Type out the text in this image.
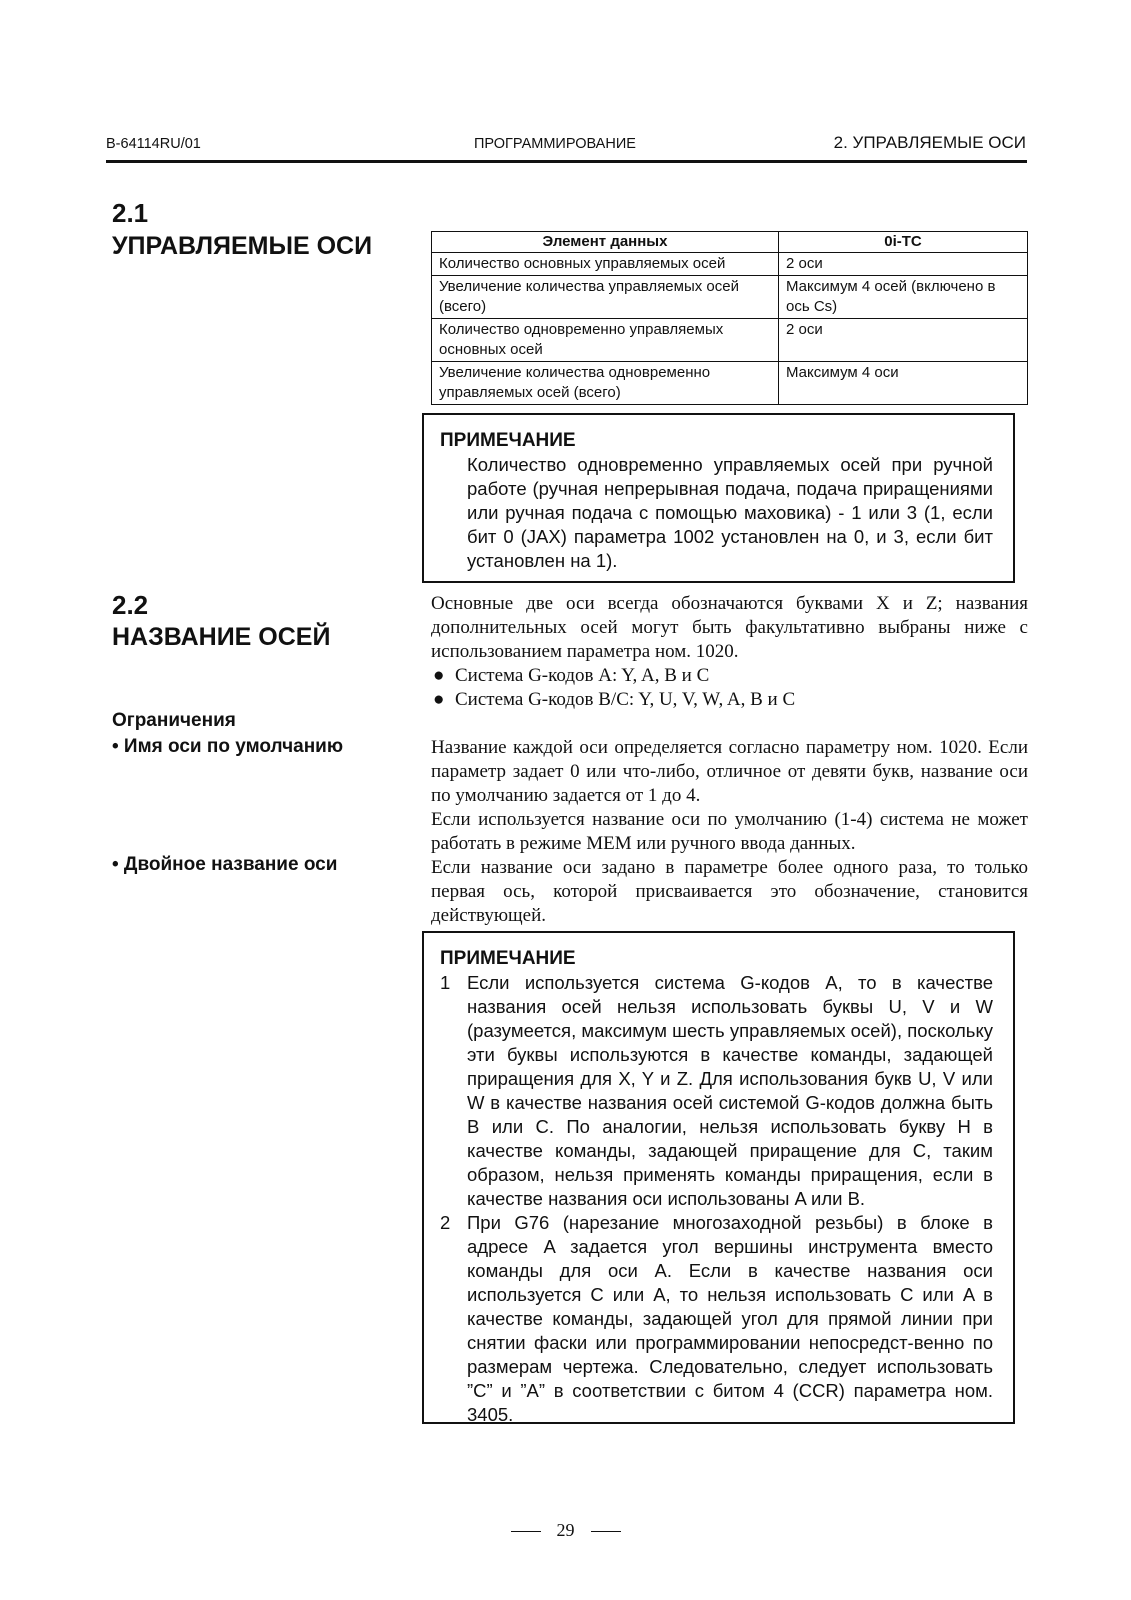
B-64114RU/01	ПРОГРАММИРОВАНИЕ	2. УПРАВЛЯЕМЫЕ ОСИ
2.1
УПРАВЛЯЕМЫЕ ОСИ	Элемент данных	0i-TC
Количество основных управляемых осей	2 оси
Увеличение количества управляемых осей (всего)	Максимум 4 осей (включено в ось Cs)
Количество одновременно управляемых основных осей	2 оси
Увеличение количества одновременно управляемых осей (всего)	Максимум 4 оси
ПРИМЕЧАНИЕ
Количество одновременно управляемых осей при ручной работе (ручная непрерывная подача, подача приращениями или ручная подача с помощью маховика) - 1 или 3 (1, если бит 0 (JAX) параметра 1002 установлен на 0, и 3, если бит установлен на 1).
2.2
НАЗВАНИЕ ОСЕЙ
Основные две оси всегда обозначаются буквами X и Z; названия дополнительных осей могут быть факультативно выбраны ниже с использованием параметра ном. 1020.
● Система G-кодов A: Y, A, B и C
● Система G-кодов B/C: Y, U, V, W, A, B и C
Ограничения
• Имя оси по умолчанию
• Двойное название оси
Название каждой оси определяется согласно параметру ном. 1020. Если параметр задает 0 или что-либо, отличное от девяти букв, название оси по умолчанию задается от 1 до 4.
Если используется название оси по умолчанию (1-4) система не может работать в режиме MEM или ручного ввода данных.
Если название оси задано в параметре более одного раза, то только первая ось, которой присваивается это обозначение, становится действующей.
ПРИМЕЧАНИЕ
1 Если используется система G-кодов A, то в качестве названия осей нельзя использовать буквы U, V и W (разумеется, максимум шесть управляемых осей), поскольку эти буквы используются в качестве команды, задающей приращения для X, Y и Z. Для использования букв U, V или W в качестве названия осей системой G-кодов должна быть B или C. По аналогии, нельзя использовать букву H в качестве команды, задающей приращение для C, таким образом, нельзя применять команды приращения, если в качестве названия оси использованы A или B.
2 При G76 (нарезание многозаходной резьбы) в блоке в адресе A задается угол вершины инструмента вместо команды для оси A. Если в качестве названия оси используется C или A, то нельзя использовать C или A в качестве команды, задающей угол для прямой линии при снятии фаски или программировании непосредст-венно по размерам чертежа. Следовательно, следует использовать ”C” и ”A” в соответствии с битом 4 (CCR) параметра ном. 3405.
29
